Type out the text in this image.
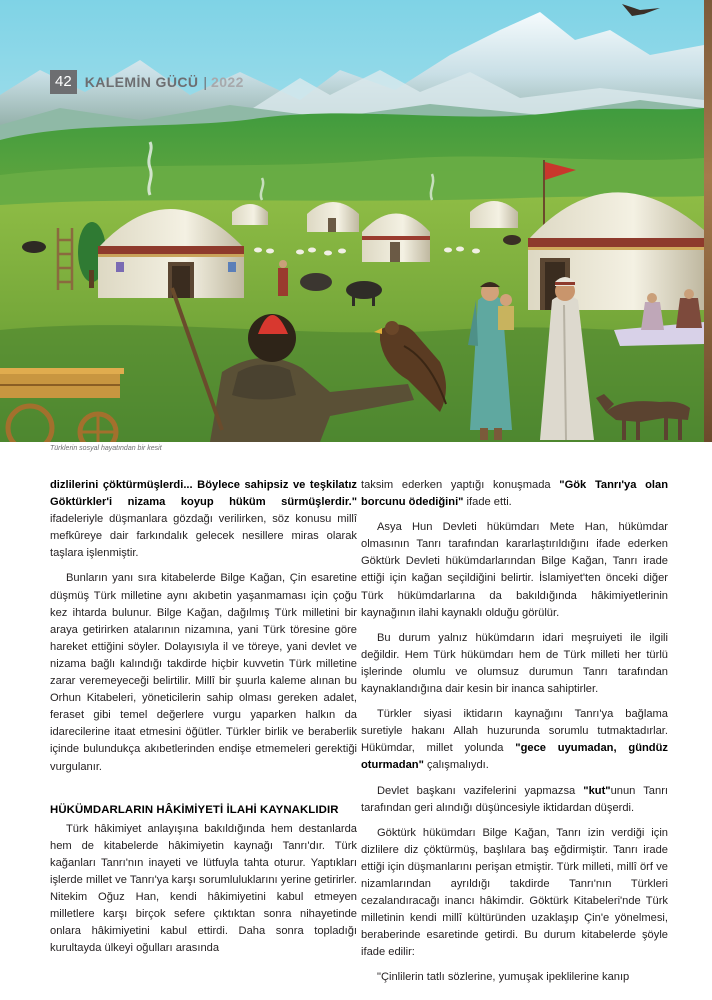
42 KALEMİN GÜCÜ | 2022
Türklerin sosyal hayatından bir kesit

dizlilerini çöktürmüşlerdi... Böylece sahipsiz ve teşkilatız Göktürkler'i nizama koyup hüküm sürmüşlerdir." ifadeleriyle düşmanlara gözdağı verilirken, söz konusu millî mefkûreye dair farkındalık gelecek nesillere miras olarak taşlara işlenmiştir.

Bunların yanı sıra kitabelerde Bilge Kağan, Çin esaretine düşmüş Türk milletine aynı akıbetin yaşanmaması için çoğu kez ihtarda bulunur. Bilge Kağan, dağılmış Türk milletini bir araya getirirken atalarının nizamına, yani Türk töresine göre hareket ettiğini söyler. Dolayısıyla il ve töreye, yani devlet ve nizama bağlı kalındığı takdirde hiçbir kuvvetin Türk milletine zarar veremeyeceği belirtilir. Millî bir şuurla kaleme alınan bu Orhun Kitabeleri, yöneticilerin sahip olması gereken adalet, feraset gibi temel değerlere vurgu yaparken halkın da idarecilerine itaat etmesini öğütler. Türkler birlik ve beraberlik içinde bulundukça akıbetlerinden endişe etmemeleri gerektiği vurgulanır.

HÜKÜMDARLARIN HÂKİMİYETİ İLAHİ KAYNAKLIDIR

Türk hâkimiyet anlayışına bakıldığında hem destanlarda hem de kitabelerde hâkimiyetin kaynağı Tanrı'dır. Türk kağanları Tanrı'nın inayeti ve lütfuyla tahta oturur. Yaptıkları işlerde millet ve Tanrı'ya karşı sorumluluklarını yerine getirirler. Nitekim Oğuz Han, kendi hâkimiyetini kabul etmeyen milletlere karşı birçok sefere çıktıktan sonra nihayetinde onlara hâkimiyetini kabul ettirdi. Daha sonra topladığı kurultayda ülkeyi oğulları arasında

taksim ederken yaptığı konuşmada "Gök Tanrı'ya olan borcunu ödediğini" ifade etti.

Asya Hun Devleti hükümdarı Mete Han, hükümdar olmasının Tanrı tarafından kararlaştırıldığını ifade ederken Göktürk Devleti hükümdarlarından Bilge Kağan, Tanrı irade ettiği için kağan seçildiğini belirtir. İslamiyet'ten önceki diğer Türk hükümdarlarına da bakıldığında hâkimiyetlerinin kaynağının ilahi kaynaklı olduğu görülür.

Bu durum yalnız hükümdarın idari meşruiyeti ile ilgili değildir. Hem Türk hükümdarı hem de Türk milleti her türlü işlerinde olumlu ve olumsuz durumun Tanrı tarafından kaynaklandığına dair kesin bir inanca sahiptirler.

Türkler siyasi iktidarın kaynağını Tanrı'ya bağlama suretiyle hakanı Allah huzurunda sorumlu tutmaktadırlar. Hükümdar, millet yolunda "gece uyumadan, gündüz oturmadan" çalışmalıydı.

Devlet başkanı vazifelerini yapmazsa "kut"unun Tanrı tarafından geri alındığı düşüncesiyle iktidardan düşerdi.

Göktürk hükümdarı Bilge Kağan, Tanrı izin verdiği için dizlilere diz çöktürmüş, başlılara baş eğdirmiştir. Tanrı irade ettiği için düşmanlarını perişan etmiştir. Türk milleti, millî örf ve nizamlarından ayrıldığı takdirde Tanrı'nın Türkleri cezalandıracağı inancı hâkimdir. Göktürk Kitabeleri'nde Türk milletinin kendi millî kültüründen uzaklaşıp Çin'e yönelmesi, beraberinde esaretinde getirdi. Bu durum kitabelerde şöyle ifade edilir:

"Çinlilerin tatlı sözlerine, yumuşak ipeklilerine kanıp
